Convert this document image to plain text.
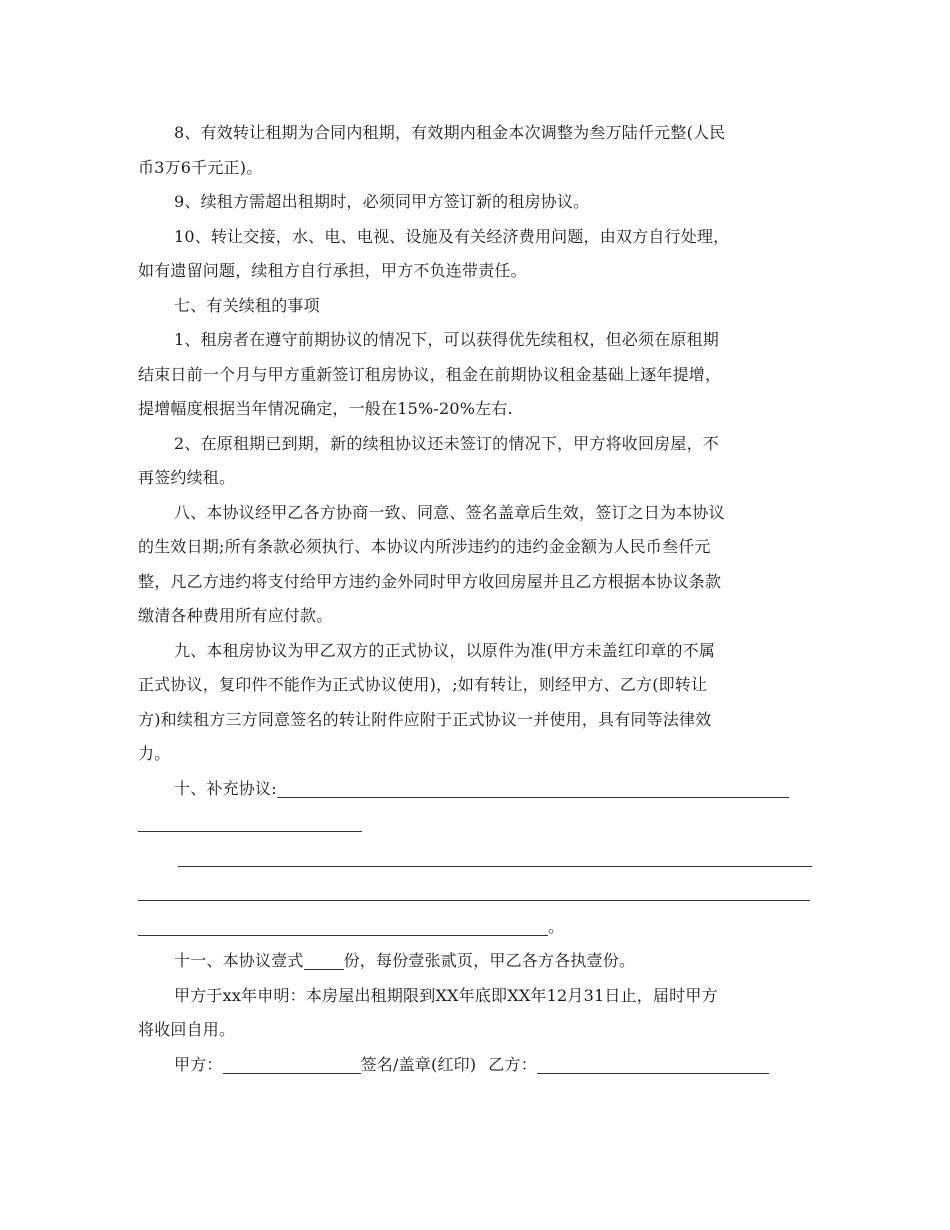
8、有效转让租期为合同内租期，有效期内租金本次调整为叁万陆仟元整(人民
币3万6千元正)。
9、续租方需超出租期时，必须同甲方签订新的租房协议。
10、转让交接，水、电、电视、设施及有关经济费用问题，由双方自行处理，
如有遗留问题，续租方自行承担，甲方不负连带责任。
七、有关续租的事项
1、租房者在遵守前期协议的情况下，可以获得优先续租权，但必须在原租期
结束日前一个月与甲方重新签订租房协议，租金在前期协议租金基础上逐年提增，
提增幅度根据当年情况确定，一般在15%-20%左右.
2、在原租期已到期，新的续租协议还未签订的情况下，甲方将收回房屋，不
再签约续租。
八、本协议经甲乙各方协商一致、同意、签名盖章后生效，签订之日为本协议
的生效日期;所有条款必须执行、本协议内所涉违约的违约金金额为人民币叁仟元
整，凡乙方违约将支付给甲方违约金外同时甲方收回房屋并且乙方根据本协议条款
缴清各种费用所有应付款。
九、本租房协议为甲乙双方的正式协议，以原件为准(甲方未盖红印章的不属
正式协议，复印件不能作为正式协议使用)，;如有转让，则经甲方、乙方(即转让
方)和续租方三方同意签名的转让附件应附于正式协议一并使用，具有同等法律效
力。
十、补充协议:
。
十一、本协议壹式	份，每份壹张贰页，甲乙各方各执壹份。
甲方于xx年申明：本房屋出租期限到XX年底即XX年12月31日止，届时甲方
将收回自用。
甲方：	签名/盖章(红印) 乙方：
